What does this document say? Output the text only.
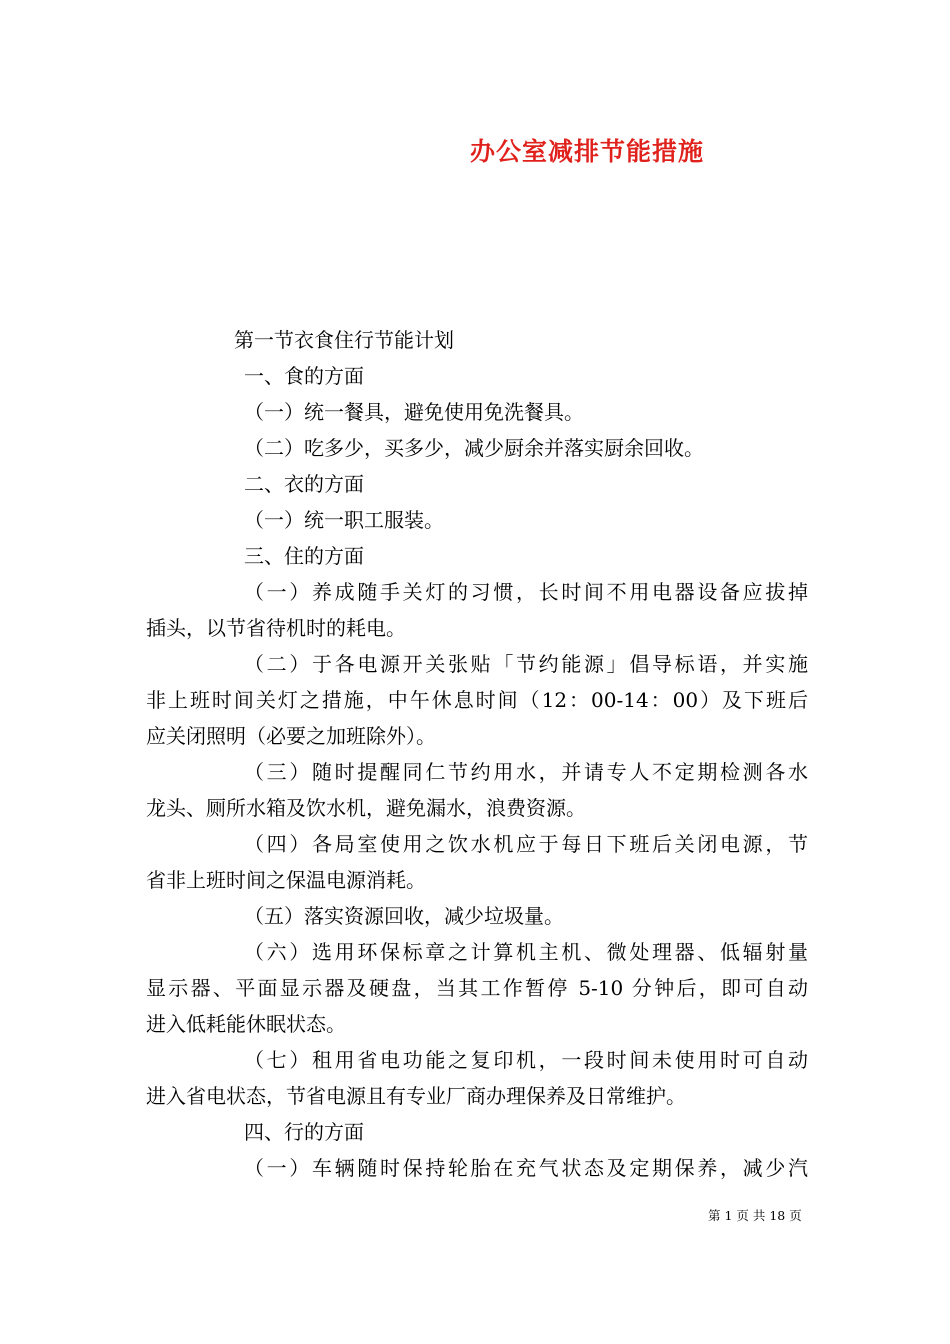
办公室减排节能措施
第一节衣食住行节能计划
一、食的方面
（一）统一餐具，避免使用免洗餐具。
（二）吃多少，买多少，减少厨余并落实厨余回收。
二、衣的方面
（一）统一职工服装。
三、住的方面
（一）养成随手关灯的习惯，长时间不用电器设备应拔掉
插头，以节省待机时的耗电。
（二）于各电源开关张贴「节约能源」倡导标语，并实施
非上班时间关灯之措施，中午休息时间（12：00-14：00）及下班后
应关闭照明（必要之加班除外）。
（三）随时提醒同仁节约用水，并请专人不定期检测各水
龙头、厕所水箱及饮水机，避免漏水，浪费资源。
（四）各局室使用之饮水机应于每日下班后关闭电源，节
省非上班时间之保温电源消耗。
（五）落实资源回收，减少垃圾量。
（六）选用环保标章之计算机主机、微处理器、低辐射量
显示器、平面显示器及硬盘，当其工作暂停 5-10 分钟后，即可自动
进入低耗能休眠状态。
（七）租用省电功能之复印机，一段时间未使用时可自动
进入省电状态，节省电源且有专业厂商办理保养及日常维护。
四、行的方面
（一）车辆随时保持轮胎在充气状态及定期保养，减少汽
第 1 页 共 18 页
